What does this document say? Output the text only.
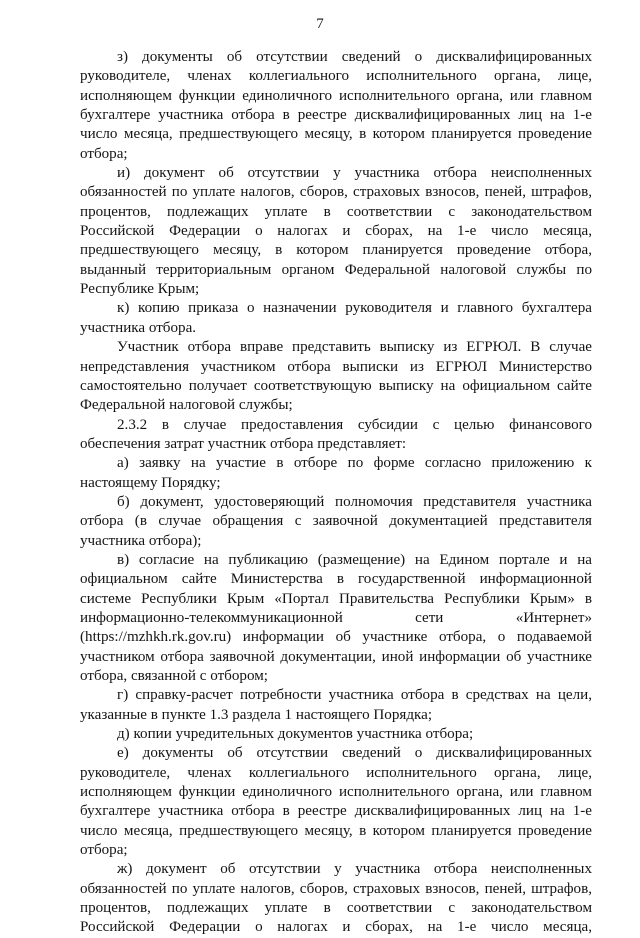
7

з) документы об отсутствии сведений о дисквалифицированных руководителе, членах коллегиального исполнительного органа, лице, исполняющем функции единоличного исполнительного органа, или главном бухгалтере участника отбора в реестре дисквалифицированных лиц на 1-е число месяца, предшествующего месяцу, в котором планируется проведение отбора;

и) документ об отсутствии у участника отбора неисполненных обязанностей по уплате налогов, сборов, страховых взносов, пеней, штрафов, процентов, подлежащих уплате в соответствии с законодательством Российской Федерации о налогах и сборах, на 1-е число месяца, предшествующего месяцу, в котором планируется проведение отбора, выданный территориальным органом Федеральной налоговой службы по Республике Крым;

к) копию приказа о назначении руководителя и главного бухгалтера участника отбора.

Участник отбора вправе представить выписку из ЕГРЮЛ. В случае непредставления участником отбора выписки из ЕГРЮЛ Министерство самостоятельно получает соответствующую выписку на официальном сайте Федеральной налоговой службы;

2.3.2 в случае предоставления субсидии с целью финансового обеспечения затрат участник отбора представляет:

а) заявку на участие в отборе по форме согласно приложению к настоящему Порядку;

б) документ, удостоверяющий полномочия представителя участника отбора (в случае обращения с заявочной документацией представителя участника отбора);

в) согласие на публикацию (размещение) на Едином портале и на официальном сайте Министерства в государственной информационной системе Республики Крым «Портал Правительства Республики Крым» в информационно-телекоммуникационной сети «Интернет» (https://mzhkh.rk.gov.ru) информации об участнике отбора, о подаваемой участником отбора заявочной документации, иной информации об участнике отбора, связанной с отбором;

г) справку-расчет потребности участника отбора в средствах на цели, указанные в пункте 1.3 раздела 1 настоящего Порядка;

д) копии учредительных документов участника отбора;

е) документы об отсутствии сведений о дисквалифицированных руководителе, членах коллегиального исполнительного органа, лице, исполняющем функции единоличного исполнительного органа, или главном бухгалтере участника отбора в реестре дисквалифицированных лиц на 1-е число месяца, предшествующего месяцу, в котором планируется проведение отбора;

ж) документ об отсутствии у участника отбора неисполненных обязанностей по уплате налогов, сборов, страховых взносов, пеней, штрафов, процентов, подлежащих уплате в соответствии с законодательством Российской Федерации о налогах и сборах, на 1-е число месяца,
